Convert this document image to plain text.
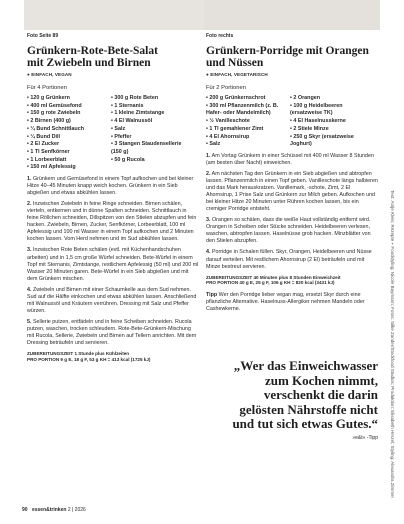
Foto Seite 89
Grünkern-Rote-Bete-Salat
mit Zwiebeln und Birnen
● EINFACH, VEGAN
Für 4 Portionen
• 120 g Grünkern
• 400 ml Gemüsefond
• 150 g rote Zwiebeln
• 2 Birnen (400 g)
• ¼ Bund Schnittlauch
• ¼ Bund Dill
• 2 El Zucker
• 1 Tl Senfkörner
• 1 Lorbeerblatt
• 150 ml Apfelessig
• 300 g Rote Beten
• 1 Sternanis
• 1 kleine Zimtstange
• 4 El Walnussöl
• Salz
• Pfeffer
• 3 Stangen Staudensellerie
(150 g)
• 50 g Rucola

1. Grünkern und Gemüsefond in einem Topf aufkochen und bei kleiner Hitze 40–45 Minuten knapp weich kochen. Grünkern in ein Sieb abgießen und etwas abkühlen lassen.

2. Inzwischen Zwiebeln in feine Ringe schneiden. Birnen schälen, vierteln, entkernen und in dünne Spalten schneiden. Schnittlauch in feine Röllchen schneiden, Dillspitzen von den Stielen abzupfen und fein hacken. Zwiebeln, Birnen, Zucker, Senfkörner, Lorbeerblatt, 100 ml Apfelessig und 100 ml Wasser in einem Topf aufkochen und 2 Minuten kochen lassen. Vom Herd nehmen und im Sud abkühlen lassen.

3. Inzwischen Rote Beten schälen (evtl. mit Küchenhandschuhen arbeiten) und in 1,5 cm große Würfel schneiden. Bete-Würfel in einem Topf mit Sternanis, Zimtstange, restlichem Apfelessig (50 ml) und 200 ml Wasser 20 Minuten garen. Bete-Würfel in ein Sieb abgießen und mit dem Grünkern mischen.

4. Zwiebeln und Birnen mit einer Schaumkelle aus dem Sud nehmen. Sud auf die Hälfte einkochen und etwas abkühlen lassen. Anschließend mit Walnussöl und Kräutern verrühren. Dressing mit Salz und Pfeffer würzen.

5. Sellerie putzen, entfädeln und in feine Scheiben schneiden. Rucola putzen, waschen, trocken schleudern. Rote-Bete-Grünkern-Mischung mit Rucola, Sellerie, Zwiebeln und Birnen auf Tellern anrichten. Mit dem Dressing beträufeln und servieren.

ZUBEREITUNGSZEIT 1 Stunde plus Kühlzeiten
PRO PORTION 9 g E, 18 g F, 53 g KH = 413 kcal (1725 kJ)
Foto rechts
Grünkern-Porridge mit Orangen
und Nüssen
● EINFACH, VEGETARISCH
Für 2 Portionen
• 200 g Grünkernschrot
• 300 ml Pflanzenmilch (z. B.
Hafer- oder Mandelmilch)
• ½ Vanilleschote
• 1 Tl gemahlener Zimt
• 4 El Ahornsirup
• Salz
• 2 Orangen
• 100 g Heidelbeeren
(ersatzweise TK)
• 4 El Haselnusskerne
• 2 Stiele Minze
• 250 g Skyr (ersatzweise
Joghurt)

1. Am Vortag Grünkern in einer Schüssel mit 400 ml Wasser 8 Stunden (am besten über Nacht) einweichen.

2. Am nächsten Tag den Grünkern in ein Sieb abgießen und abtropfen lassen. Pflanzenmilch in einen Topf geben. Vanilleschote längs halbieren und das Mark herauskratzen. Vanillemark, -schote, Zimt, 2 El Ahornsirup, 1 Prise Salz und Grünkern zur Milch geben. Aufkochen und bei kleiner Hitze 20 Minuten unter Rühren kochen lassen, bis ein cremiger Porridge entsteht.

3. Orangen so schälen, dass die weiße Haut vollständig entfernt wird. Orangen in Scheiben oder Stücke schneiden. Heidelbeeren verlesen, waschen, abtropfen lassen. Haselnüsse grob hacken. Minzblätter von den Stielen abzupfen.

4. Porridge in Schalen füllen. Skyr, Orangen, Heidelbeeren und Nüsse darauf verteilen. Mit restlichem Ahornsirup (2 El) beträufeln und mit Minze bestreut servieren.

ZUBEREITUNGSZEIT 40 Minuten plus 8 Stunden Einweichzeit
PRO PORTION 40 g E, 25 g F, 106 g KH = 820 kcal (3431 kJ)
Tipp Wer den Porridge lieber vegan mag, ersetzt Skyr durch eine pflanzliche Alternative. Haselnuss-Allergiker nehmen Mandeln oder Cashewkerne.
„Wer das Einweichwasser
zum Kochen nimmt,
verschenkt die darin
gelösten Nährstoffe nicht
und tut sich etwas Gutes.“
»e&t« -Tipp	Text: Antje Klein; Rezepte + Foodstyling: Nicole Baymann; Fotos: Silke Zander/Stockfood Studios; Produktion: Elisabeth Herzel; Styling: Alexandra Zimmer
90 essen&trinken 2 | 2026
